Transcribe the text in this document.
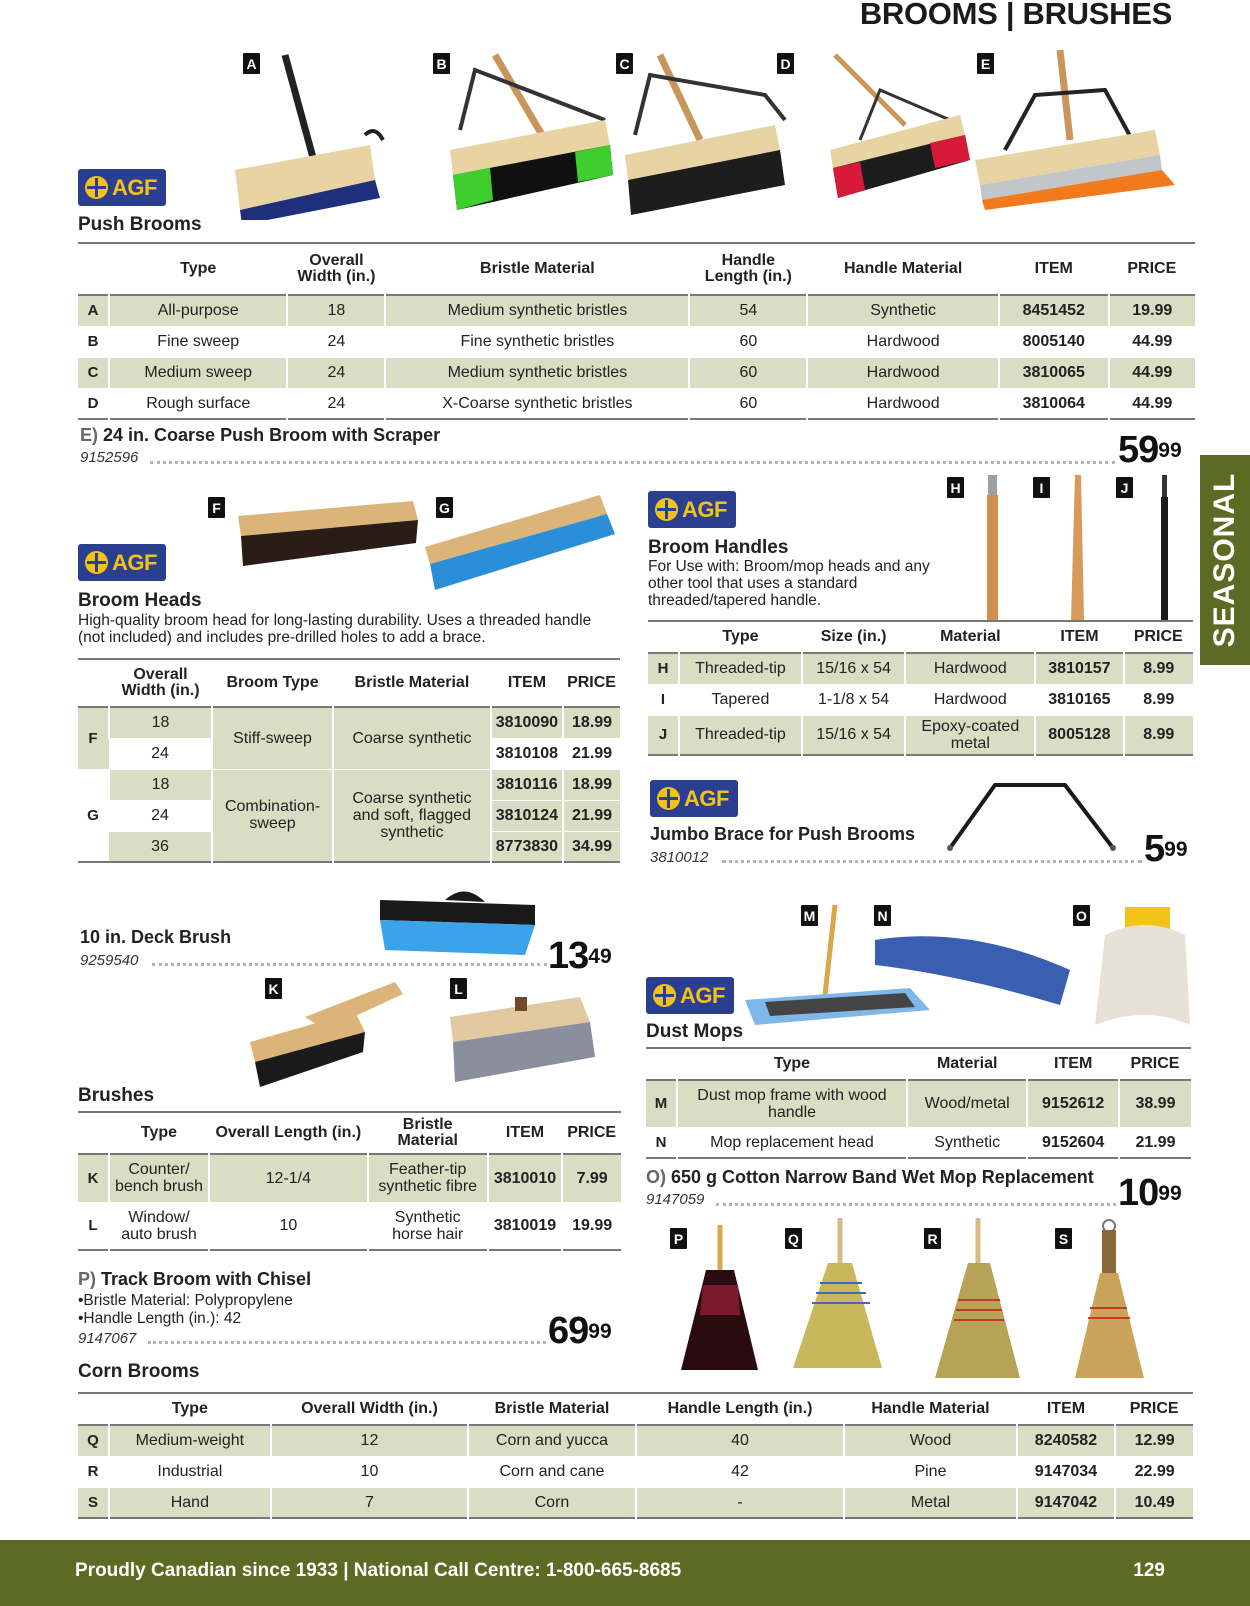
BROOMS | BRUSHES
SEASONAL
A	B	C	D	E
AGF
Push Brooms
	Type	Overall Width (in.)	Bristle Material	Handle Length (in.)	Handle Material	ITEM	PRICE
A	All-purpose	18	Medium synthetic bristles	54	Synthetic	8451452	19.99
B	Fine sweep	24	Fine synthetic bristles	60	Hardwood	8005140	44.99
C	Medium sweep	24	Medium synthetic bristles	60	Hardwood	3810065	44.99
D	Rough surface	24	X-Coarse synthetic bristles	60	Hardwood	3810064	44.99
E) 24 in. Coarse Push Broom with Scraper
9152596	$59^{99}$
F	G
AGF
Broom Heads
High-quality broom head for long-lasting durability. Uses a threaded handle (not included) and includes pre-drilled holes to add a brace.
	Overall Width (in.)	Broom Type	Bristle Material	ITEM	PRICE
F	18	Stiff-sweep	Coarse synthetic	3810090	18.99
	24			3810108	21.99
G	18	Combination-sweep	Coarse synthetic and soft, flagged synthetic	3810116	18.99
	24			3810124	21.99
	36			8773830	34.99
AGF
Broom Handles
For Use with: Broom/mop heads and any other tool that uses a standard threaded/tapered handle.
H	I	J
	Type	Size (in.)	Material	ITEM	PRICE
H	Threaded-tip	15/16 x 54	Hardwood	3810157	8.99
I	Tapered	1-1/8 x 54	Hardwood	3810165	8.99
J	Threaded-tip	15/16 x 54	Epoxy-coated metal	8005128	8.99
AGF
Jumbo Brace for Push Brooms
3810012	$5^{99}$
10 in. Deck Brush
9259540	$13^{49}$
K	L
Brushes
	Type	Overall Length (in.)	Bristle Material	ITEM	PRICE
K	Counter/ bench brush	12-1/4	Feather-tip synthetic fibre	3810010	7.99
L	Window/ auto brush	10	Synthetic horse hair	3810019	19.99
M	N	O
AGF
Dust Mops
	Type	Material	ITEM	PRICE
M	Dust mop frame with wood handle	Wood/metal	9152612	38.99
N	Mop replacement head	Synthetic	9152604	21.99
O) 650 g Cotton Narrow Band Wet Mop Replacement
9147059	$10^{99}$
P	Q	R	S
P) Track Broom with Chisel
•Bristle Material: Polypropylene
•Handle Length (in.): 42
9147067	$69^{99}$
Corn Brooms
	Type	Overall Width (in.)	Bristle Material	Handle Length (in.)	Handle Material	ITEM	PRICE
Q	Medium-weight	12	Corn and yucca	40	Wood	8240582	12.99
R	Industrial	10	Corn and cane	42	Pine	9147034	22.99
S	Hand	7	Corn	-	Metal	9147042	10.49
Proudly Canadian since 1933 | National Call Centre: 1-800-665-8685	129
